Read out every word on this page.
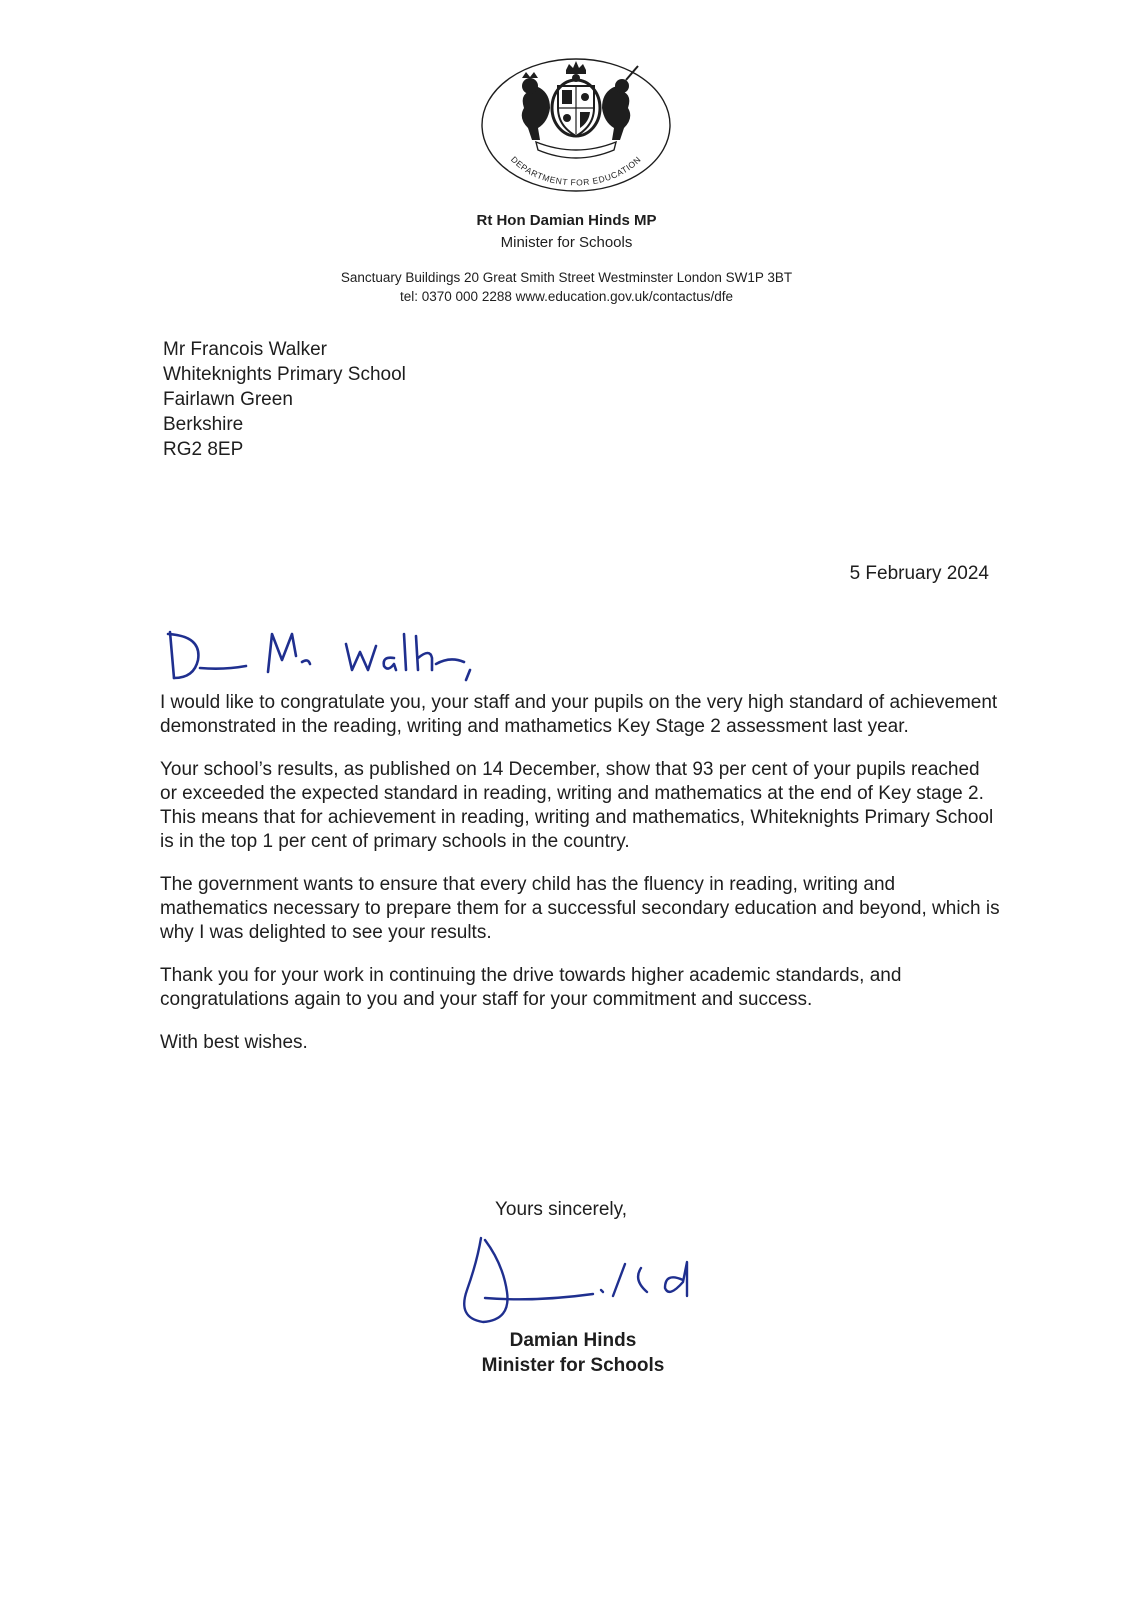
DEPARTMENT FOR EDUCATION
Rt Hon Damian Hinds MP
Minister for Schools
Sanctuary Buildings 20 Great Smith Street Westminster London SW1P 3BT
tel: 0370 000 2288 www.education.gov.uk/contactus/dfe
Mr Francois Walker
Whiteknights Primary School
Fairlawn Green
Berkshire
RG2 8EP
5 February 2024

I would like to congratulate you, your staff and your pupils on the very high standard of achievement demonstrated in the reading, writing and mathametics Key Stage 2 assessment last year.

Your school’s results, as published on 14 December, show that 93 per cent of your pupils reached or exceeded the expected standard in reading, writing and mathematics at the end of Key stage 2. This means that for achievement in reading, writing and mathematics, Whiteknights Primary School is in the top 1 per cent of primary schools in the country.

The government wants to ensure that every child has the fluency in reading, writing and mathematics necessary to prepare them for a successful secondary education and beyond, which is why I was delighted to see your results.

Thank you for your work in continuing the drive towards higher academic standards, and congratulations again to you and your staff for your commitment and success.

With best wishes.

Yours sincerely,
Damian Hinds
Minister for Schools
